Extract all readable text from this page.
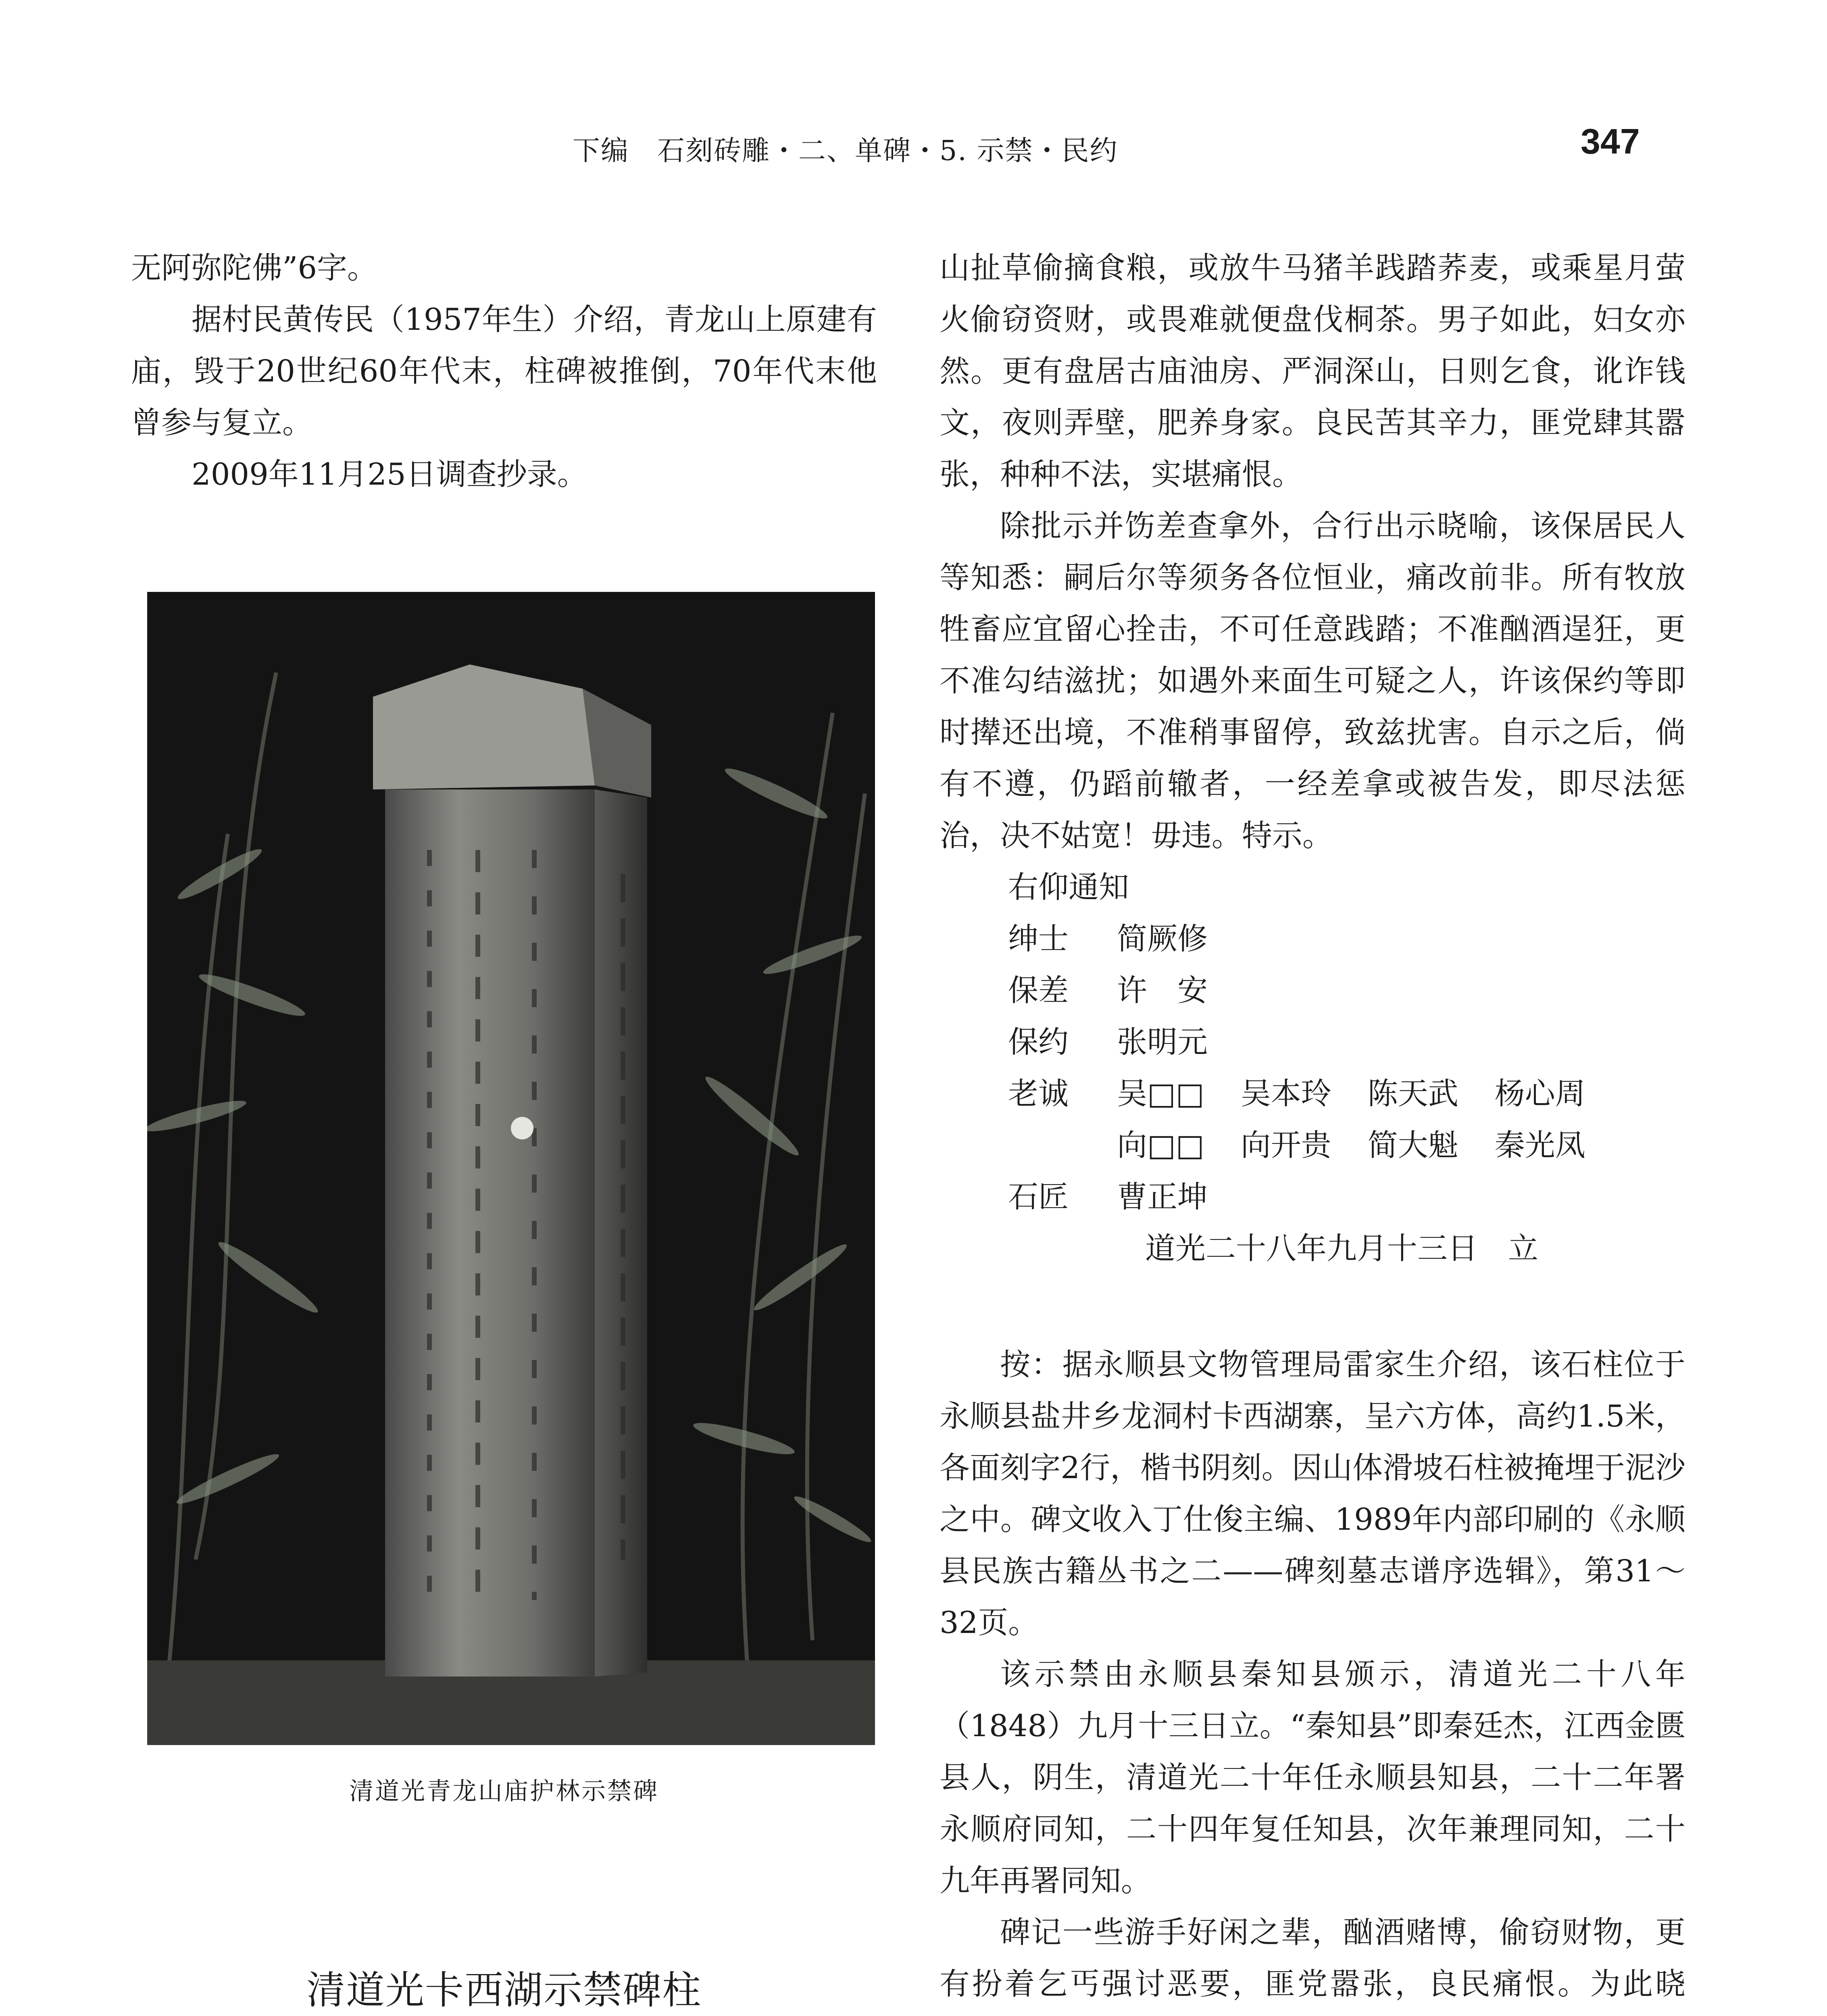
下编　石刻砖雕・二、单碑・5. 示禁・民约	347

无阿弥陀佛”6字。

据村民黄传民（1957年生）介绍，青龙山上原建有庙，毁于20世纪60年代末，柱碑被推倒，70年代末他曾参与复立。

2009年11月25日调查抄录。

清道光青龙山庙护林示禁碑
清道光卡西湖示禁碑柱

山扯草偷摘食粮，或放牛马猪羊践踏荞麦，或乘星月萤火偷窃资财，或畏难就便盘伐桐茶。男子如此，妇女亦然。更有盘居古庙油房、严洞深山，日则乞食，讹诈钱文，夜则弄壁，肥养身家。良民苦其辛力，匪党肆其嚣张，种种不法，实堪痛恨。

除批示并饬差查拿外，合行出示晓喻，该保居民人等知悉：嗣后尔等须务各位恒业，痛改前非。所有牧放牲畜应宜留心拴击，不可任意践踏；不准酗酒逞狂，更不准勾结滋扰；如遇外来面生可疑之人，许该保约等即时撵还出境，不准稍事留停，致兹扰害。自示之后，倘有不遵，仍蹈前辙者，一经差拿或被告发，即尽法惩治，决不姑宽！毋违。特示。

右仰通知
绅士	简厥修
保差	许　安
保约	张明元
老诚	吴□□ 吴本玲 陈天武 杨心周
向□□ 向开贵 简大魁 秦光凤
石匠	曹正坤
道光二十八年九月十三日　立

按：据永顺县文物管理局雷家生介绍，该石柱位于永顺县盐井乡龙洞村卡西湖寨，呈六方体，高约1.5米，各面刻字2行，楷书阴刻。因山体滑坡石柱被掩埋于泥沙之中。碑文收入丁仕俊主编、1989年内部印刷的《永顺县民族古籍丛书之二——碑刻墓志谱序选辑》，第31～32页。

该示禁由永顺县秦知县颁示，清道光二十八年（1848）九月十三日立。“秦知县”即秦廷杰，江西金匮县人，阴生，清道光二十年任永顺县知县，二十二年署永顺府同知，二十四年复任知县，次年兼理同知，二十九年再署同知。

碑记一些游手好闲之辈，酗酒赌博，偷窃财物，更有扮着乞丐强讨恶要，匪党嚣张，良民痛恨。为此晓
